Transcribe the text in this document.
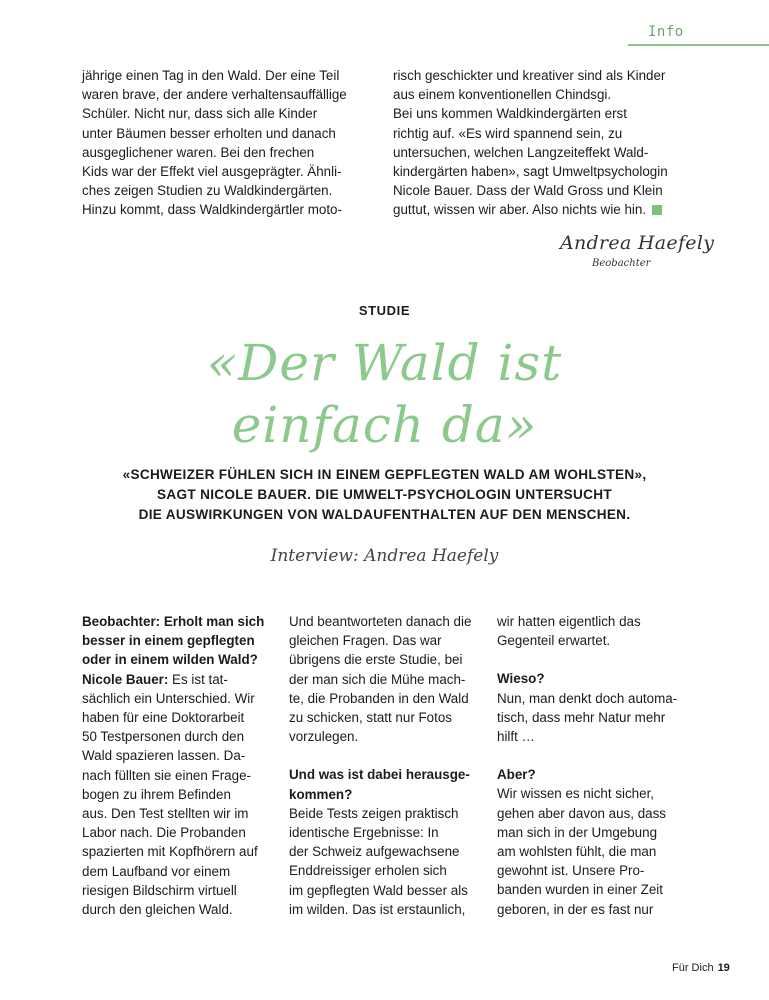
Info

jährige einen Tag in den Wald. Der eine Teil
waren brave, der andere verhaltensauffällige
Schüler. Nicht nur, dass sich alle Kinder
unter Bäumen besser erholten und danach
ausgeglichener waren. Bei den frechen
Kids war der Effekt viel ausgeprägter. Ähnli-
ches zeigen Studien zu Waldkindergärten.
Hinzu kommt, dass Waldkindergärtler moto-

risch geschickter und kreativer sind als Kinder
aus einem konventionellen Chindsgi.
Bei uns kommen Waldkindergärten erst
richtig auf. «Es wird spannend sein, zu
untersuchen, welchen Langzeiteffekt Wald-
kindergärten haben», sagt Umweltpsychologin
Nicole Bauer. Dass der Wald Gross und Klein
guttut, wissen wir aber. Also nichts wie hin.

Andrea Haefely
Beobachter
STUDIE
«Der Wald ist
einfach da»
«SCHWEIZER FÜHLEN SICH IN EINEM GEPFLEGTEN WALD AM WOHLSTEN»,
SAGT NICOLE BAUER. DIE UMWELT-PSYCHOLOGIN UNTERSUCHT
DIE AUSWIRKUNGEN VON WALDAUFENTHALTEN AUF DEN MENSCHEN.
Interview: Andrea Haefely

Beobachter: Erholt man sich
besser in einem gepflegten
oder in einem wilden Wald?

Nicole Bauer: Es ist tat-
sächlich ein Unterschied. Wir
haben für eine Doktorarbeit
50 Testpersonen durch den
Wald spazieren lassen. Da-
nach füllten sie einen Frage-
bogen zu ihrem Befinden
aus. Den Test stellten wir im
Labor nach. Die Probanden
spazierten mit Kopfhörern auf
dem Laufband vor einem
riesigen Bildschirm virtuell
durch den gleichen Wald.

Und beantworteten danach die
gleichen Fragen. Das war
übrigens die erste Studie, bei
der man sich die Mühe mach-
te, die Probanden in den Wald
zu schicken, statt nur Fotos
vorzulegen.

Und was ist dabei herausge-
kommen?

Beide Tests zeigen praktisch
identische Ergebnisse: In
der Schweiz aufgewachsene
Enddreissiger erholen sich
im gepflegten Wald besser als
im wilden. Das ist erstaunlich,

wir hatten eigentlich das
Gegenteil erwartet.

Wieso?

Nun, man denkt doch automa-
tisch, dass mehr Natur mehr
hilft …

Aber?

Wir wissen es nicht sicher,
gehen aber davon aus, dass
man sich in der Umgebung
am wohlsten fühlt, die man
gewohnt ist. Unsere Pro-
banden wurden in einer Zeit
geboren, in der es fast nur

Für Dich 19
